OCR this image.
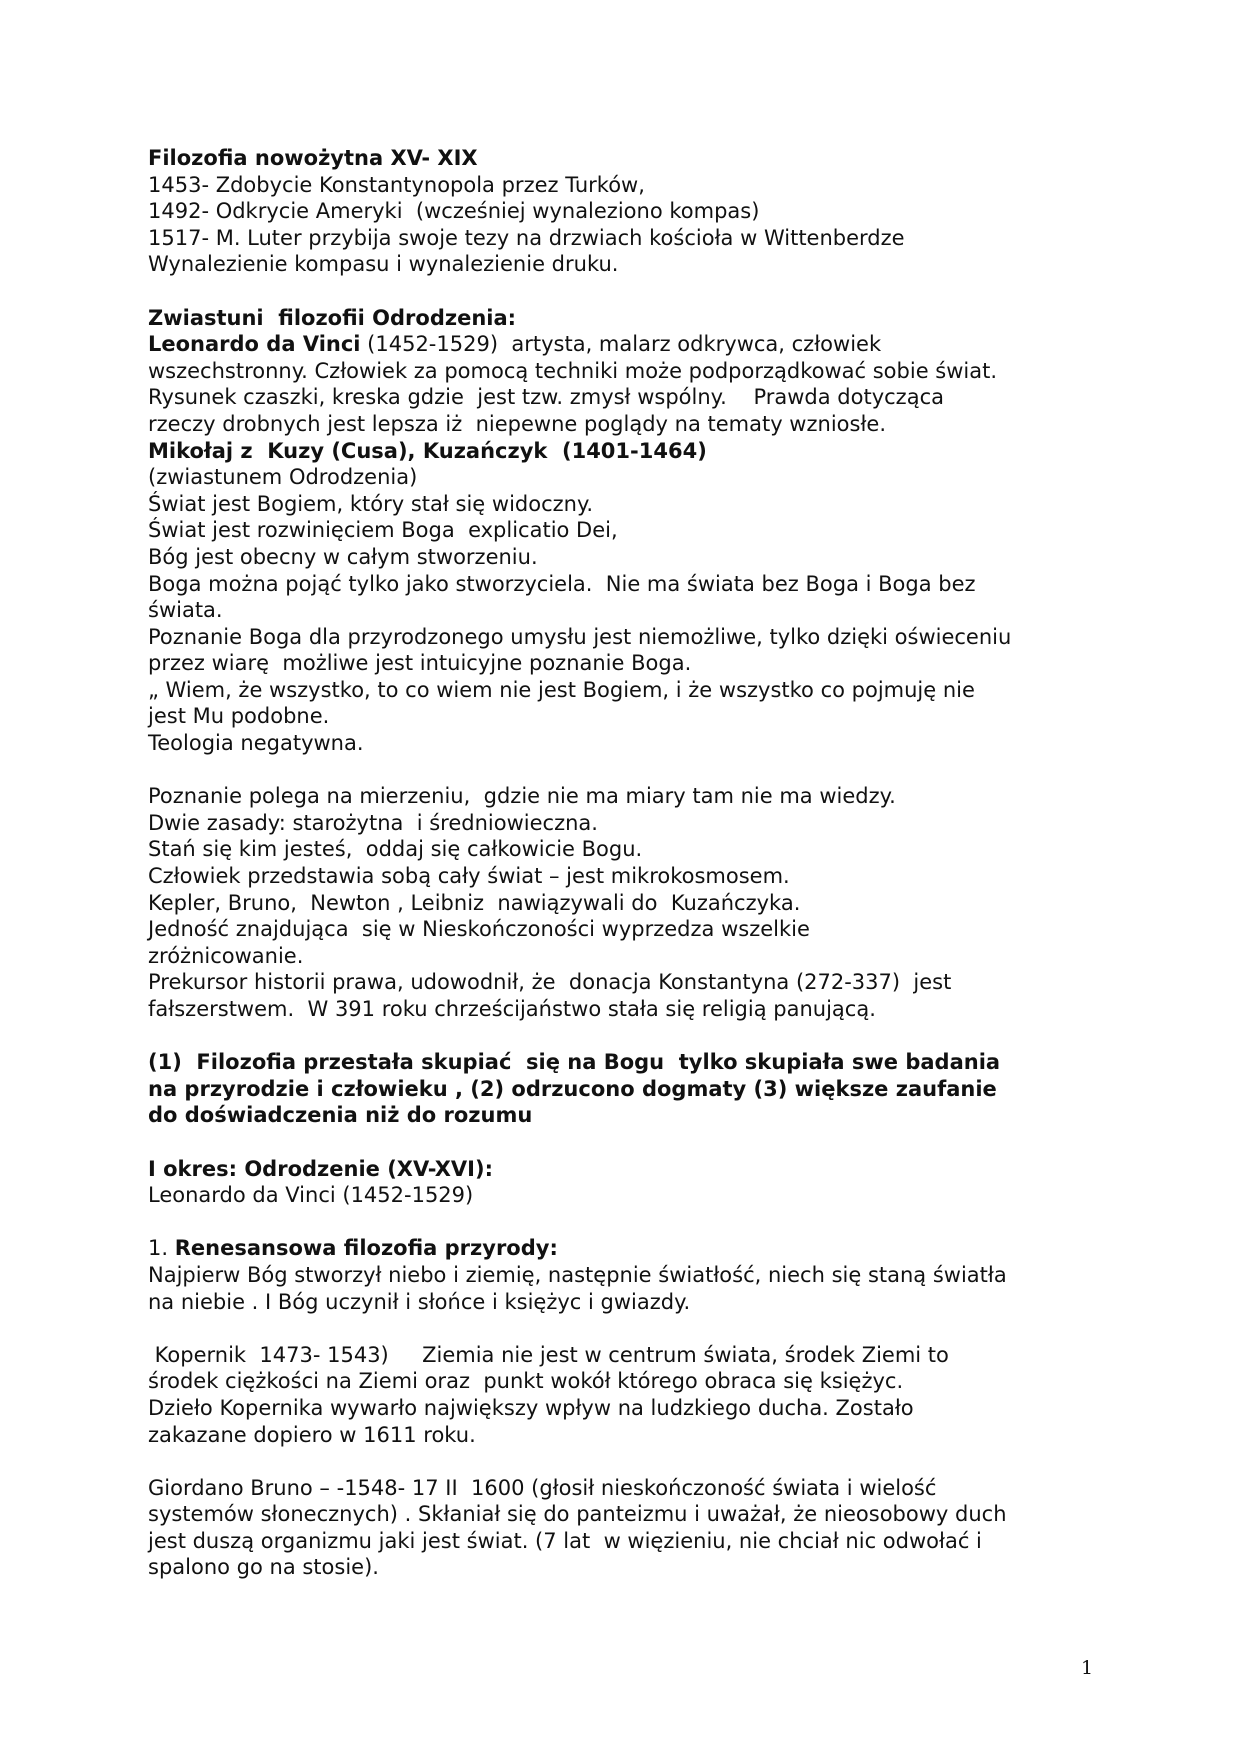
Filozofia nowożytna XV- XIX

1453- Zdobycie Konstantynopola przez Turków,

1492- Odkrycie Ameryki  (wcześniej wynaleziono kompas)

1517- M. Luter przybija swoje tezy na drzwiach kościoła w Wittenberdze

Wynalezienie kompasu i wynalezienie druku.

Zwiastuni  filozofii Odrodzenia:

Leonardo da Vinci (1452-1529)  artysta, malarz odkrywca, człowiek

wszechstronny. Człowiek za pomocą techniki może podporządkować sobie świat.

Rysunek czaszki, kreska gdzie  jest tzw. zmysł wspólny.    Prawda dotycząca

rzeczy drobnych jest lepsza iż  niepewne poglądy na tematy wzniosłe.

Mikołaj z  Kuzy (Cusa), Kuzańczyk  (1401-1464)

(zwiastunem Odrodzenia)

Świat jest Bogiem, który stał się widoczny.

Świat jest rozwinięciem Boga  explicatio Dei,

Bóg jest obecny w całym stworzeniu.

Boga można pojąć tylko jako stworzyciela.  Nie ma świata bez Boga i Boga bez

świata.

Poznanie Boga dla przyrodzonego umysłu jest niemożliwe, tylko dzięki oświeceniu

przez wiarę  możliwe jest intuicyjne poznanie Boga.

„ Wiem, że wszystko, to co wiem nie jest Bogiem, i że wszystko co pojmuję nie

jest Mu podobne.

Teologia negatywna.

Poznanie polega na mierzeniu,  gdzie nie ma miary tam nie ma wiedzy.

Dwie zasady: starożytna  i średniowieczna.

Stań się kim jesteś,  oddaj się całkowicie Bogu.

Człowiek przedstawia sobą cały świat – jest mikrokosmosem.

Kepler, Bruno,  Newton , Leibniz  nawiązywali do  Kuzańczyka.

Jedność znajdująca  się w Nieskończoności wyprzedza wszelkie

zróżnicowanie.

Prekursor historii prawa, udowodnił, że  donacja Konstantyna (272-337)  jest

fałszerstwem.  W 391 roku chrześcijaństwo stała się religią panującą.

(1)  Filozofia przestała skupiać  się na Bogu  tylko skupiała swe badania

na przyrodzie i człowieku , (2) odrzucono dogmaty (3) większe zaufanie

do doświadczenia niż do rozumu

I okres: Odrodzenie (XV-XVI):

Leonardo da Vinci (1452-1529)

1. Renesansowa filozofia przyrody:

Najpierw Bóg stworzył niebo i ziemię, następnie światłość, niech się staną światła

na niebie . I Bóg uczynił i słońce i księżyc i gwiazdy.

Kopernik  1473- 1543)     Ziemia nie jest w centrum świata, środek Ziemi to

środek ciężkości na Ziemi oraz  punkt wokół którego obraca się księżyc.

Dzieło Kopernika wywarło największy wpływ na ludzkiego ducha. Zostało

zakazane dopiero w 1611 roku.

Giordano Bruno – -1548- 17 II  1600 (głosił nieskończoność świata i wielość

systemów słonecznych) . Skłaniał się do panteizmu i uważał, że nieosobowy duch

jest duszą organizmu jaki jest świat. (7 lat  w więzieniu, nie chciał nic odwołać i

spalono go na stosie).

1
